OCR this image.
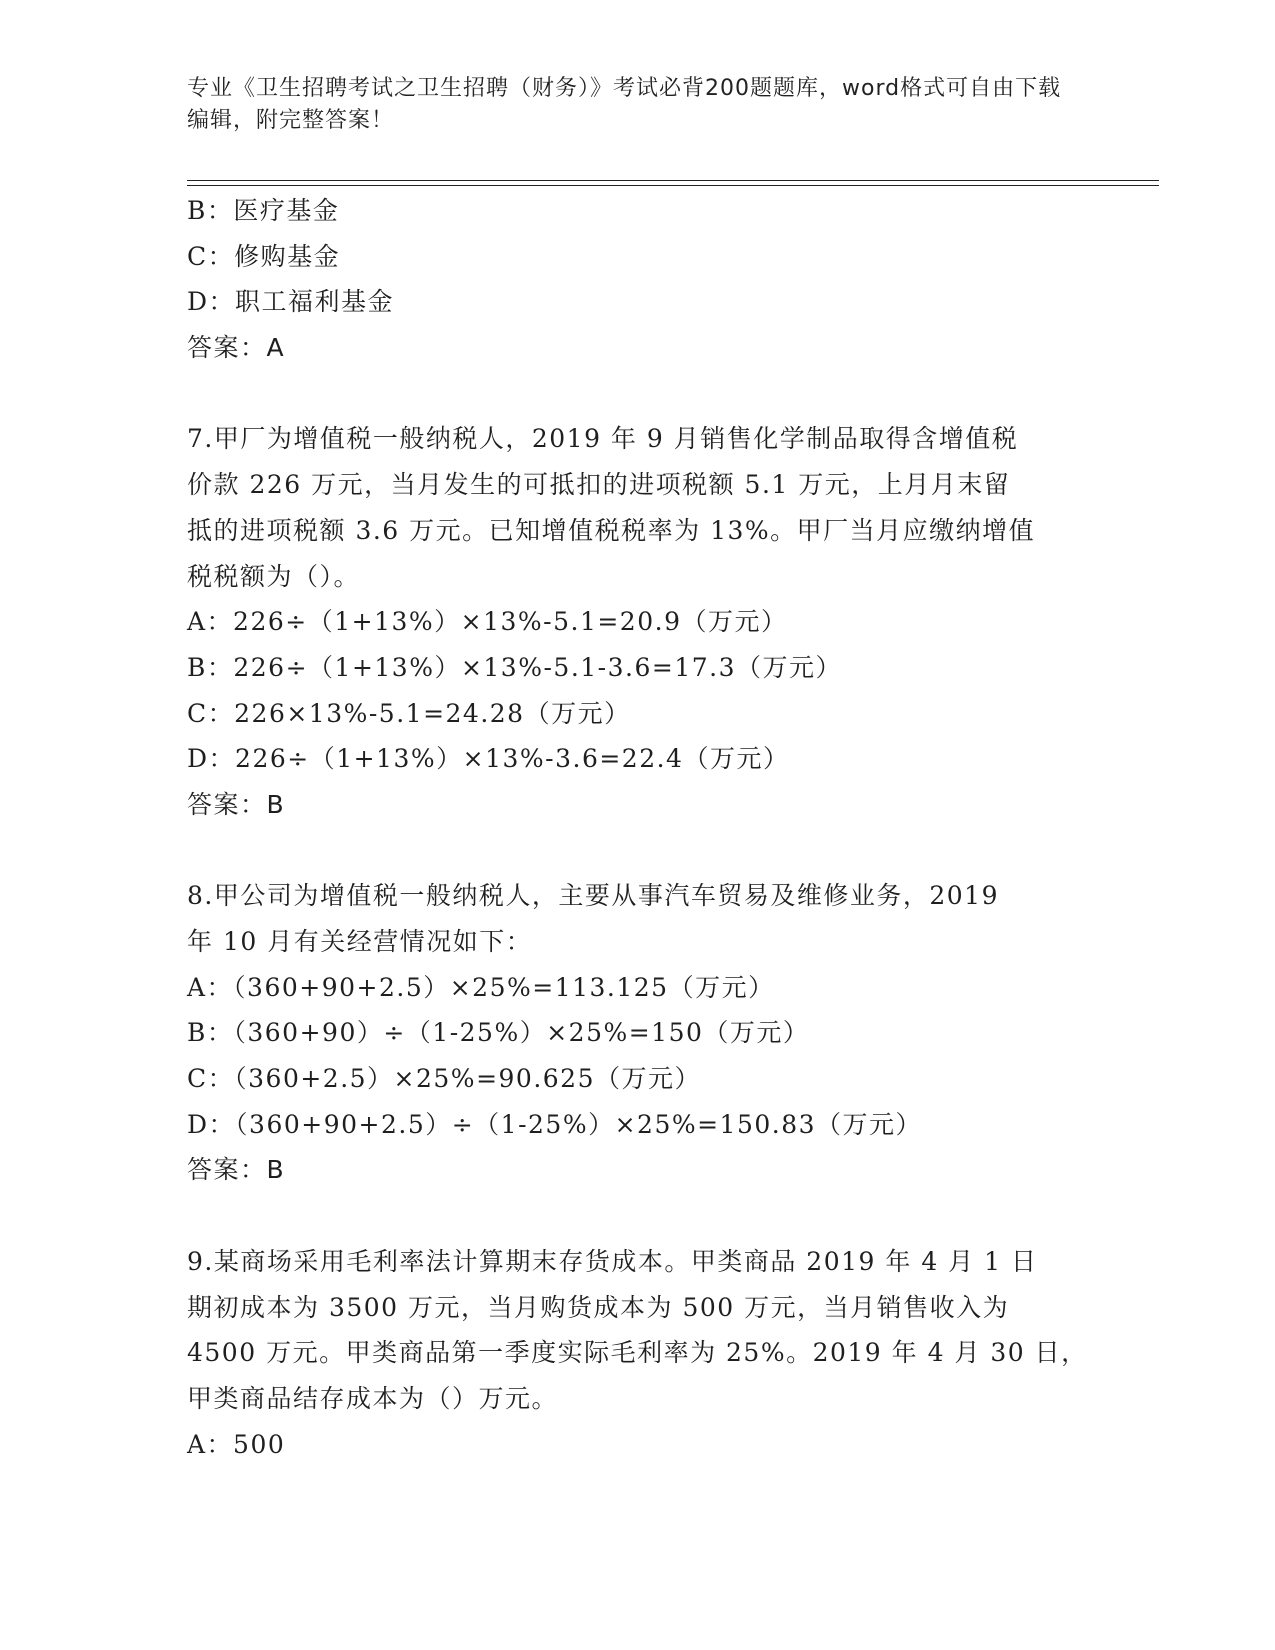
专业《卫生招聘考试之卫生招聘（财务）》考试必背200题题库，word格式可自由下载编辑，附完整答案！
B：医疗基金
C：修购基金
D：职工福利基金
答案：A
7.甲厂为增值税一般纳税人，2019 年 9 月销售化学制品取得含增值税
价款 226 万元，当月发生的可抵扣的进项税额 5.1 万元，上月月末留
抵的进项税额 3.6 万元。已知增值税税率为 13%。甲厂当月应缴纳增值
税税额为（）。
A：226÷（1+13%）×13%-5.1=20.9（万元）
B：226÷（1+13%）×13%-5.1-3.6=17.3（万元）
C：226×13%-5.1=24.28（万元）
D：226÷（1+13%）×13%-3.6=22.4（万元）
答案：B
8.甲公司为增值税一般纳税人，主要从事汽车贸易及维修业务，2019
年 10 月有关经营情况如下：
A：（360+90+2.5）×25%=113.125（万元）
B：（360+90）÷（1-25%）×25%=150（万元）
C：（360+2.5）×25%=90.625（万元）
D：（360+90+2.5）÷（1-25%）×25%=150.83（万元）
答案：B
9.某商场采用毛利率法计算期末存货成本。甲类商品 2019 年 4 月 1 日
期初成本为 3500 万元，当月购货成本为 500 万元，当月销售收入为
4500 万元。甲类商品第一季度实际毛利率为 25%。2019 年 4 月 30 日，
甲类商品结存成本为（）万元。
A：500
